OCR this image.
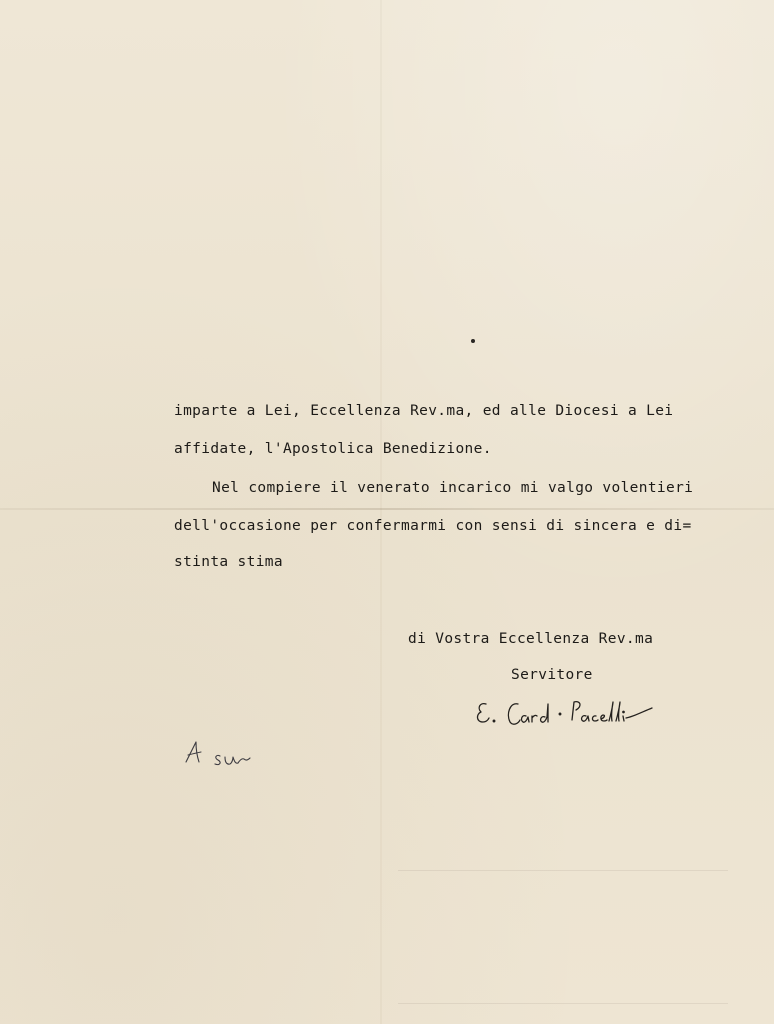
imparte a Lei, Eccellenza Rev.ma, ed alle Diocesi a Lei
affidate, l'Apostolica Benedizione.
Nel compiere il venerato incarico mi valgo volentieri
dell'occasione per confermarmi con sensi di sincera e di=
stinta stima
di Vostra Eccellenza Rev.ma
Servitore
